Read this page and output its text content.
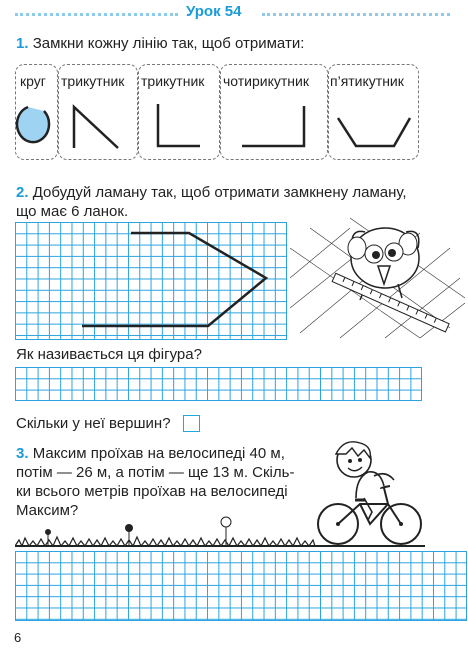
Урок 54
1. Замкни кожну лінію так, щоб отримати:
круг трикутник трикутник чотирикутник п’ятикутник
2. Добудуй ламану так, щоб отримати замкнену ламану,
що має 6 ланок.
Як називається ця фігура?
Скільки у неї вершин?
3. Максим проїхав на велосипеді 40 м,
потім — 26 м, а потім — ще 13 м. Скіль-
ки всього метрів проїхав на велосипеді
Максим?
6
